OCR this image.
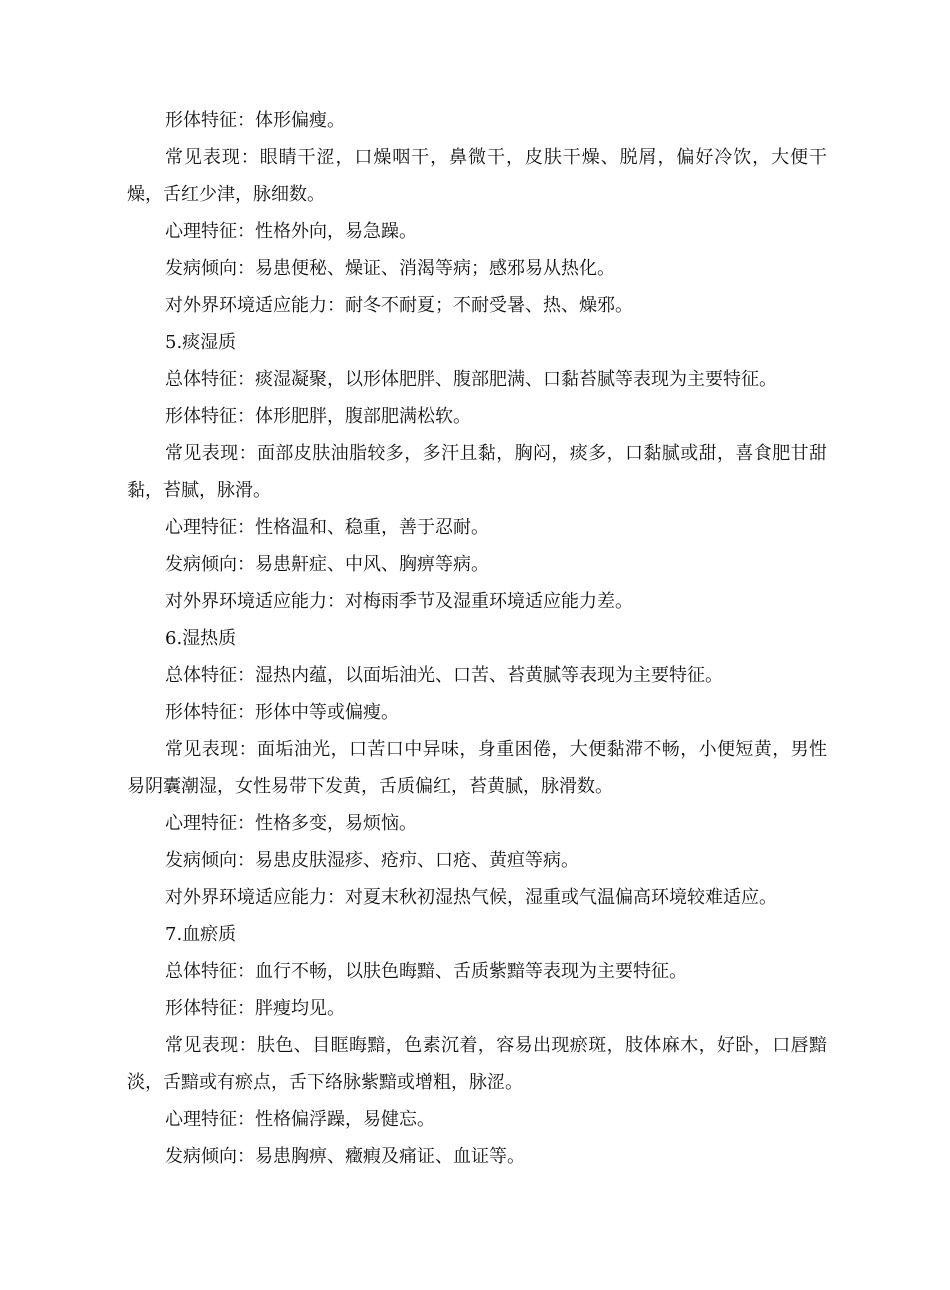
形体特征：体形偏瘦。

常见表现：眼睛干涩，口燥咽干，鼻微干，皮肤干燥、脱屑，偏好冷饮，大便干燥，舌红少津，脉细数。

心理特征：性格外向，易急躁。

发病倾向：易患便秘、燥证、消渴等病；感邪易从热化。

对外界环境适应能力：耐冬不耐夏；不耐受暑、热、燥邪。

5.痰湿质

总体特征：痰湿凝聚，以形体肥胖、腹部肥满、口黏苔腻等表现为主要特征。

形体特征：体形肥胖，腹部肥满松软。

常见表现：面部皮肤油脂较多，多汗且黏，胸闷，痰多，口黏腻或甜，喜食肥甘甜黏，苔腻，脉滑。

心理特征：性格温和、稳重，善于忍耐。

发病倾向：易患鼾症、中风、胸痹等病。

对外界环境适应能力：对梅雨季节及湿重环境适应能力差。

6.湿热质

总体特征：湿热内蕴，以面垢油光、口苦、苔黄腻等表现为主要特征。

形体特征：形体中等或偏瘦。

常见表现：面垢油光，口苦口中异味，身重困倦，大便黏滞不畅，小便短黄，男性易阴囊潮湿，女性易带下发黄，舌质偏红，苔黄腻，脉滑数。

心理特征：性格多变，易烦恼。

发病倾向：易患皮肤湿疹、疮疖、口疮、黄疸等病。

对外界环境适应能力：对夏末秋初湿热气候，湿重或气温偏高环境较难适应。

7.血瘀质

总体特征：血行不畅，以肤色晦黯、舌质紫黯等表现为主要特征。

形体特征：胖瘦均见。

常见表现：肤色、目眶晦黯，色素沉着，容易出现瘀斑，肢体麻木，好卧，口唇黯淡，舌黯或有瘀点，舌下络脉紫黯或增粗，脉涩。

心理特征：性格偏浮躁，易健忘。

发病倾向：易患胸痹、癥瘕及痛证、血证等。
